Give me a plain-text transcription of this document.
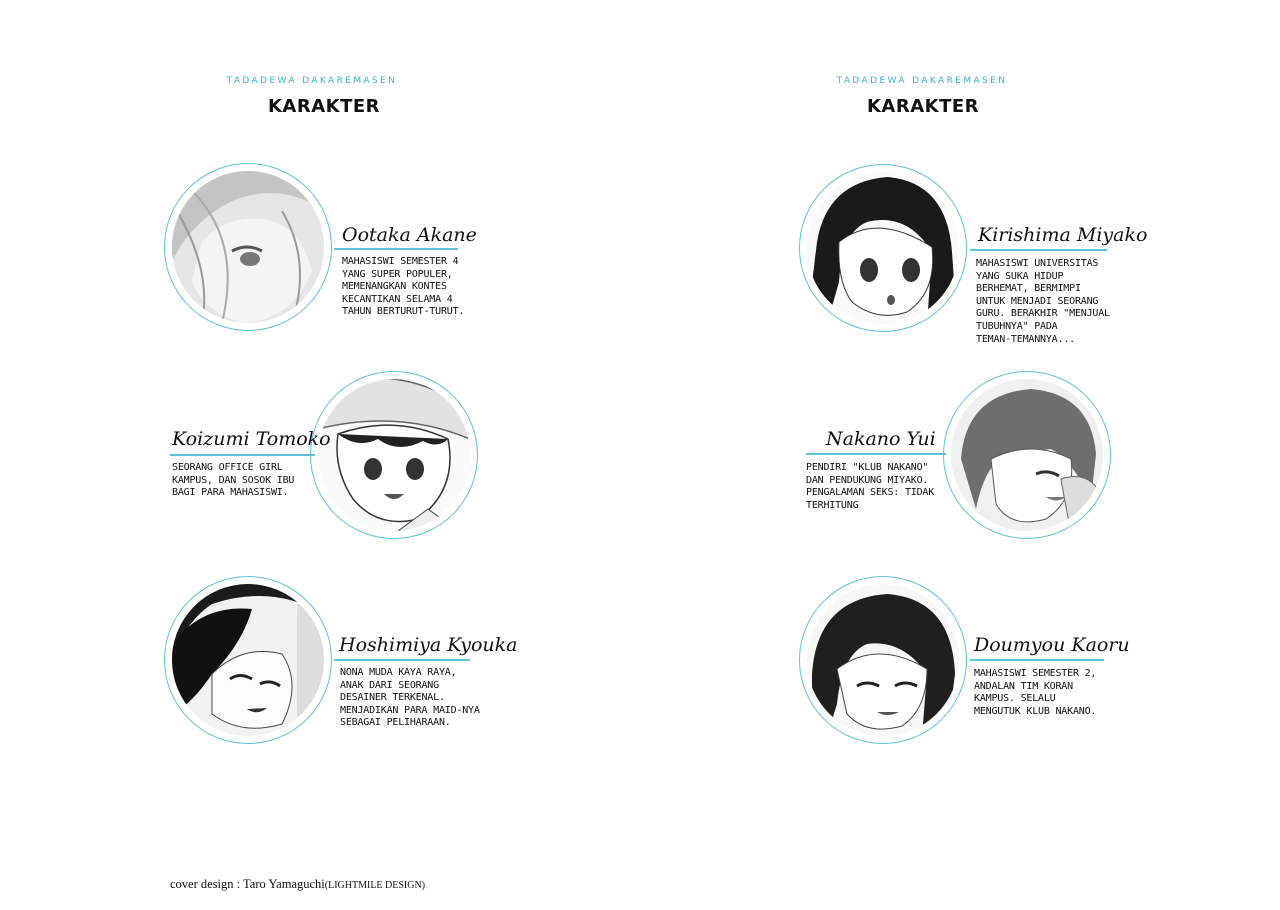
TADADEWA DAKAREMASEN
KARAKTER
Ootaka Akane
MAHASISWI SEMESTER 4
YANG SUPER POPULER,
MEMENANGKAN KONTES
KECANTIKAN SELAMA 4
TAHUN BERTURUT-TURUT.
Koizumi Tomoko
SEORANG OFFICE GIRL
KAMPUS, DAN SOSOK IBU
BAGI PARA MAHASISWI.
Hoshimiya Kyouka
NONA MUDA KAYA RAYA,
ANAK DARI SEORANG
DESAINER TERKENAL.
MENJADIKAN PARA MAID-NYA
SEBAGAI PELIHARAAN.
cover design : Taro Yamaguchi(LIGHTMILE DESIGN)
TADADEWA DAKAREMASEN
KARAKTER
Kirishima Miyako
MAHASISWI UNIVERSITAS
YANG SUKA HIDUP
BERHEMAT, BERMIMPI
UNTUK MENJADI SEORANG
GURU. BERAKHIR "MENJUAL
TUBUHNYA" PADA
TEMAN-TEMANNYA...
Nakano Yui
PENDIRI "KLUB NAKANO"
DAN PENDUKUNG MIYAKO.
PENGALAMAN SEKS: TIDAK
TERHITUNG
Doumyou Kaoru
MAHASISWI SEMESTER 2,
ANDALAN TIM KORAN
KAMPUS. SELALU
MENGUTUK KLUB NAKANO.
